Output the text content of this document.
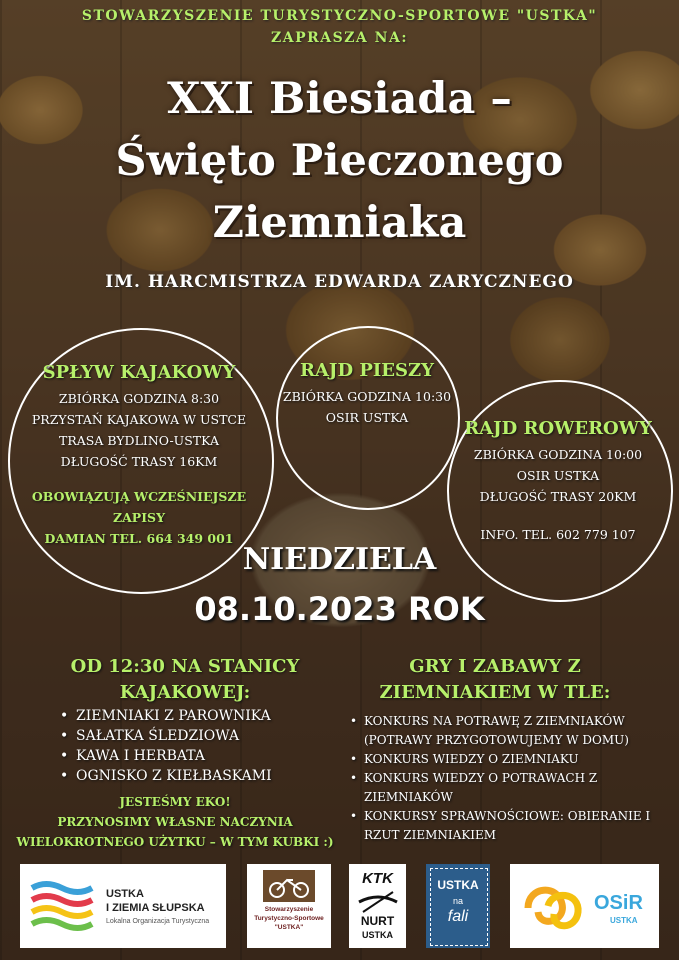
STOWARZYSZENIE TURYSTYCZNO-SPORTOWE "USTKA"
ZAPRASZA NA:
XXI Biesiada –
Święto Pieczonego
Ziemniaka
IM. HARCMISTRZA EDWARDA ZARYCZNEGO
SPŁYW KAJAKOWY
ZBIÓRKA GODZINA 8:30
PRZYSTAŃ KAJAKOWA W USTCE
TRASA BYDLINO-USTKA
DŁUGOŚĆ TRASY 16KM
OBOWIĄZUJĄ WCZEŚNIEJSZE
ZAPISY
DAMIAN TEL. 664 349 001
RAJD PIESZY
ZBIÓRKA GODZINA 10:30
OSIR USTKA
RAJD ROWEROWY
ZBIÓRKA GODZINA 10:00
OSIR USTKA
DŁUGOŚĆ TRASY 20KM
INFO. TEL. 602 779 107
NIEDZIELA
08.10.2023 ROK
OD 12:30 NA STANICY
KAJAKOWEJ:
• ZIEMNIAKI Z PAROWNIKA
• SAŁATKA ŚLEDZIOWA
• KAWA I HERBATA
• OGNISKO Z KIEŁBASKAMI
JESTEŚMY EKO!
PRZYNOSIMY WŁASNE NACZYNIA
WIELOKROTNEGO UŻYTKU – W TYM KUBKI :)
GRY I ZABAWY Z
ZIEMNIAKIEM W TLE:
• KONKURS NA POTRAWĘ Z ZIEMNIAKÓW (POTRAWY PRZYGOTOWUJEMY W DOMU)
• KONKURS WIEDZY O ZIEMNIAKU
• KONKURS WIEDZY O POTRAWACH Z ZIEMNIAKÓW
• KONKURSY SPRAWNOŚCIOWE: OBIERANIE I RZUT ZIEMNIAKIEM
USTKA
I ZIEMIA SŁUPSKA
Lokalna Organizacja Turystyczna
Stowarzyszenie
Turystyczno-Sportowe
"USTKA"
KTK
NURT
USTKA
USTKA
na
fali
OSiR
USTKA
